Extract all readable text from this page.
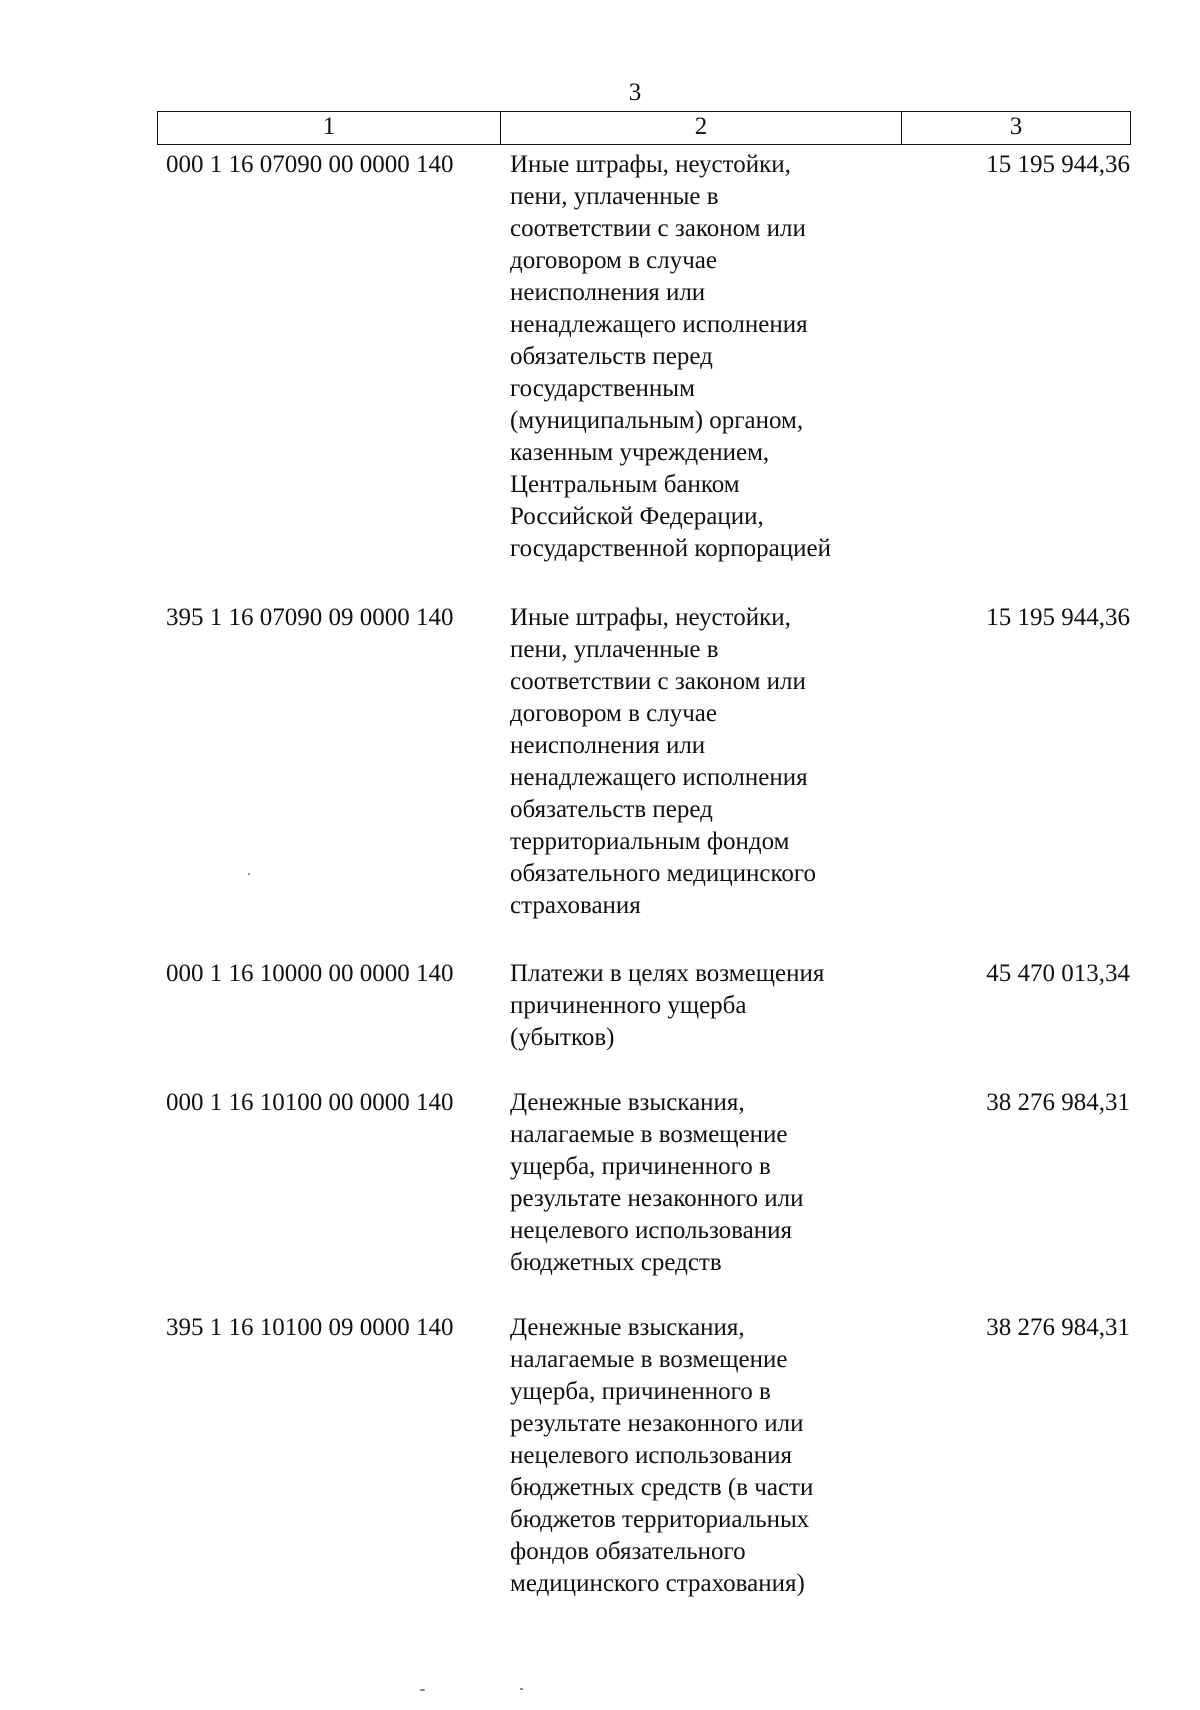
3
1	2	3
000 1 16 07090 00 0000 140	Иные штрафы, неустойки,
пени, уплаченные в
соответствии с законом или
договором в случае
неисполнения или
ненадлежащего исполнения
обязательств перед
государственным
(муниципальным) органом,
казенным учреждением,
Центральным банком
Российской Федерации,
государственной корпорацией
15 195 944,36
395 1 16 07090 09 0000 140	Иные штрафы, неустойки,
пени, уплаченные в
соответствии с законом или
договором в случае
неисполнения или
ненадлежащего исполнения
обязательств перед
территориальным фондом
обязательного медицинского
страхования
15 195 944,36
000 1 16 10000 00 0000 140	Платежи в целях возмещения
причиненного ущерба
(убытков)
45 470 013,34
000 1 16 10100 00 0000 140	Денежные взыскания,
налагаемые в возмещение
ущерба, причиненного в
результате незаконного или
нецелевого использования
бюджетных средств
38 276 984,31
395 1 16 10100 09 0000 140	Денежные взыскания,
налагаемые в возмещение
ущерба, причиненного в
результате незаконного или
нецелевого использования
бюджетных средств (в части
бюджетов территориальных
фондов обязательного
медицинского страхования)
38 276 984,31
